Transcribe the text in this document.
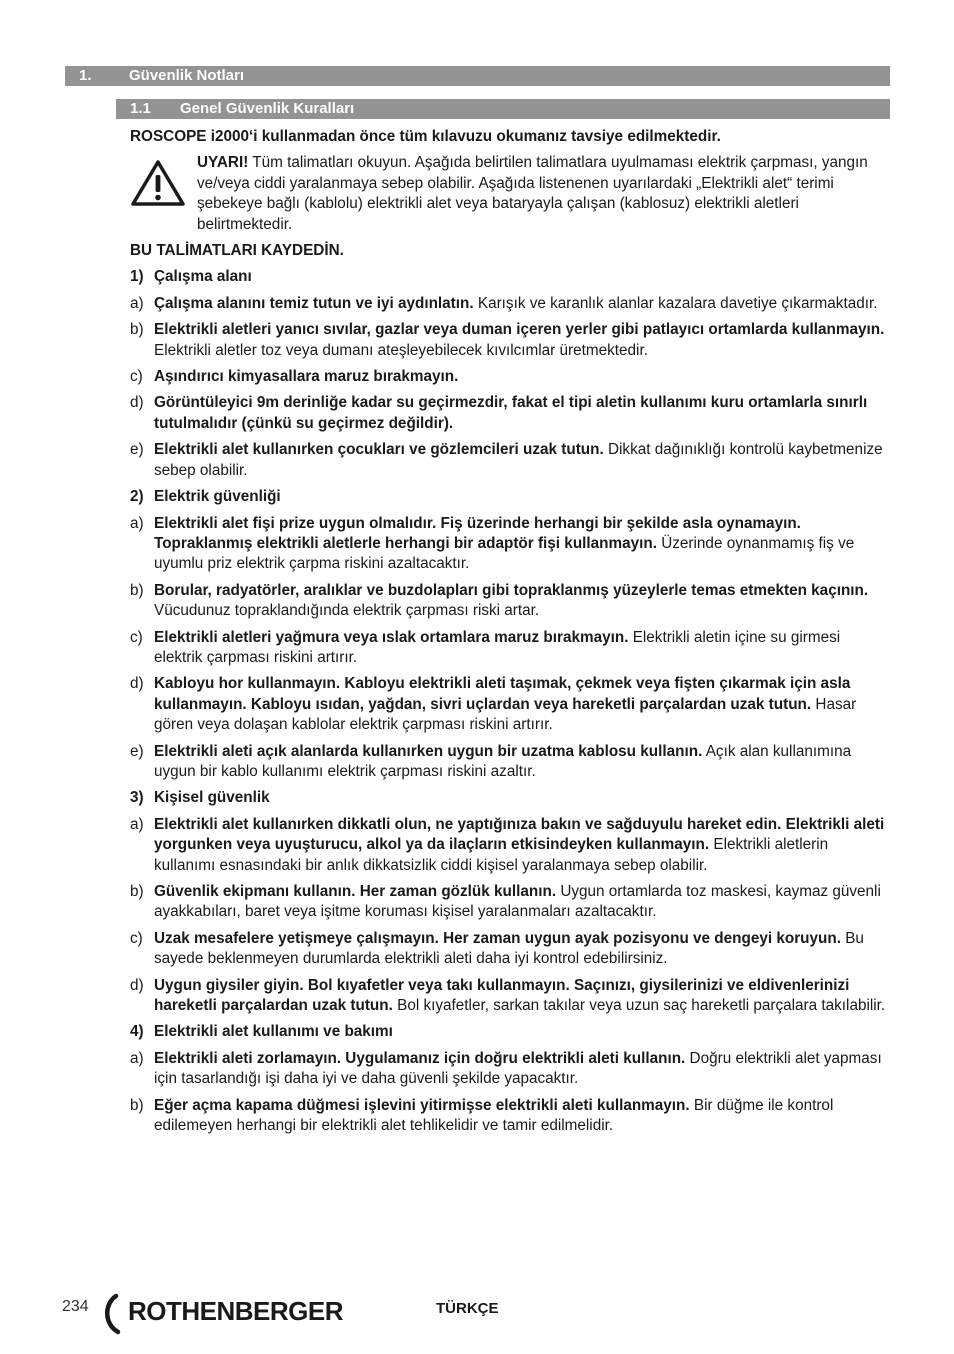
1. Güvenlik Notları
1.1 Genel Güvenlik Kuralları

ROSCOPE i2000‘i kullanmadan önce tüm kılavuzu okumanız tavsiye edilmektedir.

UYARI! Tüm talimatları okuyun. Aşağıda belirtilen talimatlara uyulmaması elektrik çarpması, yangın ve/veya ciddi yaralanmaya sebep olabilir. Aşağıda listenenen uyarılardaki „Elektrikli alet“ terimi şebekeye bağlı (kablolu) elektrikli alet veya bataryayla çalışan (kablosuz) elektrikli aletleri belirtmektedir.

BU TALİMATLARI KAYDEDİN.

1) Çalışma alanı
a) Çalışma alanını temiz tutun ve iyi aydınlatın. Karışık ve karanlık alanlar kazalara davetiye çıkarmaktadır.
b) Elektrikli aletleri yanıcı sıvılar, gazlar veya duman içeren yerler gibi patlayıcı ortamlarda kullanmayın. Elektrikli aletler toz veya dumanı ateşleyebilecek kıvılcımlar üretmektedir.
c) Aşındırıcı kimyasallara maruz bırakmayın.
d) Görüntüleyici 9m derinliğe kadar su geçirmezdir, fakat el tipi aletin kullanımı kuru ortamlarla sınırlı tutulmalıdır (çünkü su geçirmez değildir).
e) Elektrikli alet kullanırken çocukları ve gözlemcileri uzak tutun. Dikkat dağınıklığı kontrolü kaybetmenize sebep olabilir.
2) Elektrik güvenliği
a) Elektrikli alet fişi prize uygun olmalıdır. Fiş üzerinde herhangi bir şekilde asla oynamayın. Topraklanmış elektrikli aletlerle herhangi bir adaptör fişi kullanmayın. Üzerinde oynanmamış fiş ve uyumlu priz elektrik çarpma riskini azaltacaktır.
b) Borular, radyatörler, aralıklar ve buzdolapları gibi topraklanmış yüzeylerle temas etmekten kaçının. Vücudunuz topraklandığında elektrik çarpması riski artar.
c) Elektrikli aletleri yağmura veya ıslak ortamlara maruz bırakmayın. Elektrikli aletin içine su girmesi elektrik çarpması riskini artırır.
d) Kabloyu hor kullanmayın. Kabloyu elektrikli aleti taşımak, çekmek veya fişten çıkarmak için asla kullanmayın. Kabloyu ısıdan, yağdan, sivri uçlardan veya hareketli parçalardan uzak tutun. Hasar gören veya dolaşan kablolar elektrik çarpması riskini artırır.
e) Elektrikli aleti açık alanlarda kullanırken uygun bir uzatma kablosu kullanın. Açık alan kullanımına uygun bir kablo kullanımı elektrik çarpması riskini azaltır.
3) Kişisel güvenlik
a) Elektrikli alet kullanırken dikkatli olun, ne yaptığınıza bakın ve sağduyulu hareket edin. Elektrikli aleti yorgunken veya uyuşturucu, alkol ya da ilaçların etkisindeyken kullanmayın. Elektrikli aletlerin kullanımı esnasındaki bir anlık dikkatsizlik ciddi kişisel yaralanmaya sebep olabilir.
b) Güvenlik ekipmanı kullanın. Her zaman gözlük kullanın. Uygun ortamlarda toz maskesi, kaymaz güvenli ayakkabıları, baret veya işitme koruması kişisel yaralanmaları azaltacaktır.
c) Uzak mesafelere yetişmeye çalışmayın. Her zaman uygun ayak pozisyonu ve dengeyi koruyun. Bu sayede beklenmeyen durumlarda elektrikli aleti daha iyi kontrol edebilirsiniz.
d) Uygun giysiler giyin. Bol kıyafetler veya takı kullanmayın. Saçınızı, giysilerinizi ve eldivenlerinizi hareketli parçalardan uzak tutun. Bol kıyafetler, sarkan takılar veya uzun saç hareketli parçalara takılabilir.
4) Elektrikli alet kullanımı ve bakımı
a) Elektrikli aleti zorlamayın. Uygulamanız için doğru elektrikli aleti kullanın. Doğru elektrikli alet yapması için tasarlandığı işi daha iyi ve daha güvenli şekilde yapacaktır.
b) Eğer açma kapama düğmesi işlevini yitirmişse elektrikli aleti kullanmayın. Bir düğme ile kontrol edilemeyen herhangi bir elektrikli alet tehlikelidir ve tamir edilmelidir.
234 ROTHENBERGER	TÜRKÇE
